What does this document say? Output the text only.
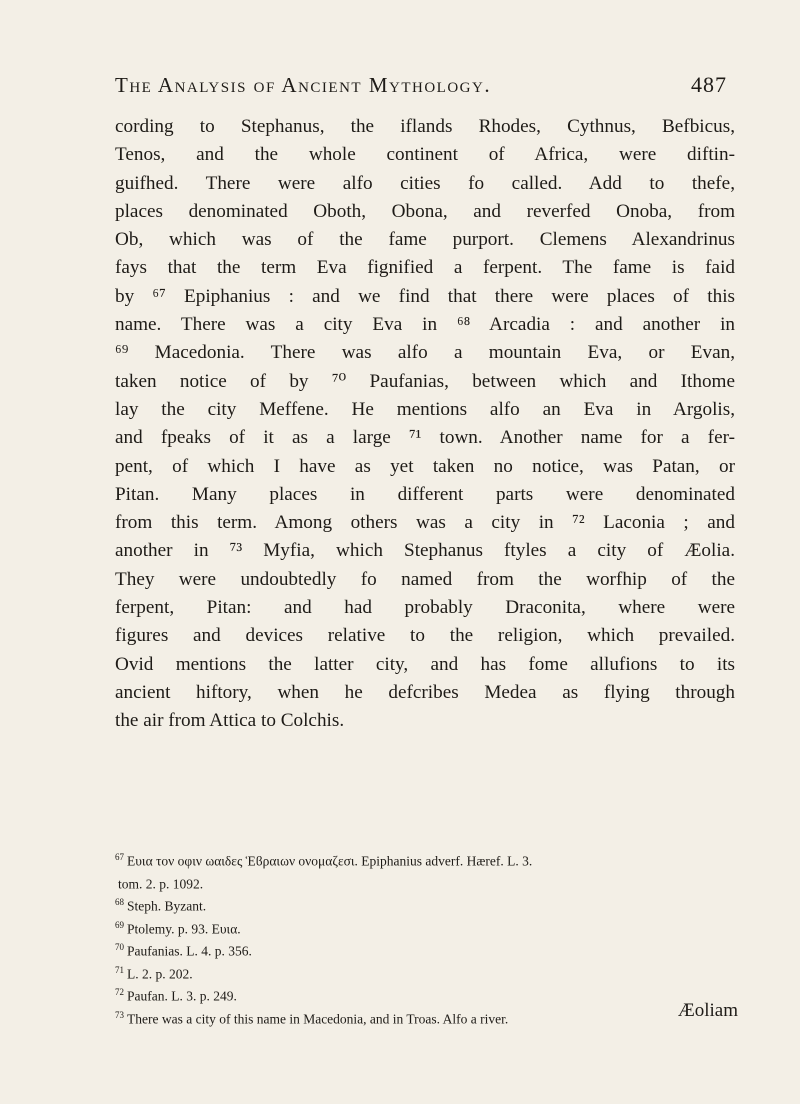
The Analysis of Ancient Mythology.	487

cording to Stephanus, the iflands Rhodes, Cythnus, Befbicus,
Tenos, and the whole continent of Africa, were diftin-
guifhed. There were alfo cities fo called. Add to thefe,
places denominated Oboth, Obona, and reverfed Onoba, from
Ob, which was of the fame purport. Clemens Alexandrinus
fays that the term Eva fignified a ferpent. The fame is faid
by ⁶⁷ Epiphanius : and we find that there were places of this
name. There was a city Eva in ⁶⁸ Arcadia : and another in
⁶⁹ Macedonia. There was alfo a mountain Eva, or Evan,
taken notice of by ⁷⁰ Paufanias, between which and Ithome
lay the city Meffene. He mentions alfo an Eva in Argolis,
and fpeaks of it as a large ⁷¹ town. Another name for a fer-
pent, of which I have as yet taken no notice, was Patan, or
Pitan. Many places in different parts were denominated
from this term. Among others was a city in ⁷² Laconia ; and
another in ⁷³ Myfia, which Stephanus ftyles a city of Æolia.
They were undoubtedly fo named from the worfhip of the
ferpent, Pitan: and had probably Draconita, where were
figures and devices relative to the religion, which prevailed.
Ovid mentions the latter city, and has fome allufions to its
ancient hiftory, when he defcribes Medea as flying through
the air from Attica to Colchis.

$^{67}$ Ευια τον οφιν ωαιδες Ἑϐραιων ονομαζεσι. Epiphanius adverf. Hæref. L. 3.
tom. 2. p. 1092.
$^{68}$ Steph. Byzant.
$^{69}$ Ptolemy. p. 93. Ευια.
$^{70}$ Paufanias. L. 4. p. 356.
$^{71}$ L. 2. p. 202.
$^{72}$ Paufan. L. 3. p. 249.
$^{73}$ There was a city of this name in Macedonia, and in Troas. Alfo a river.	Æoliam
